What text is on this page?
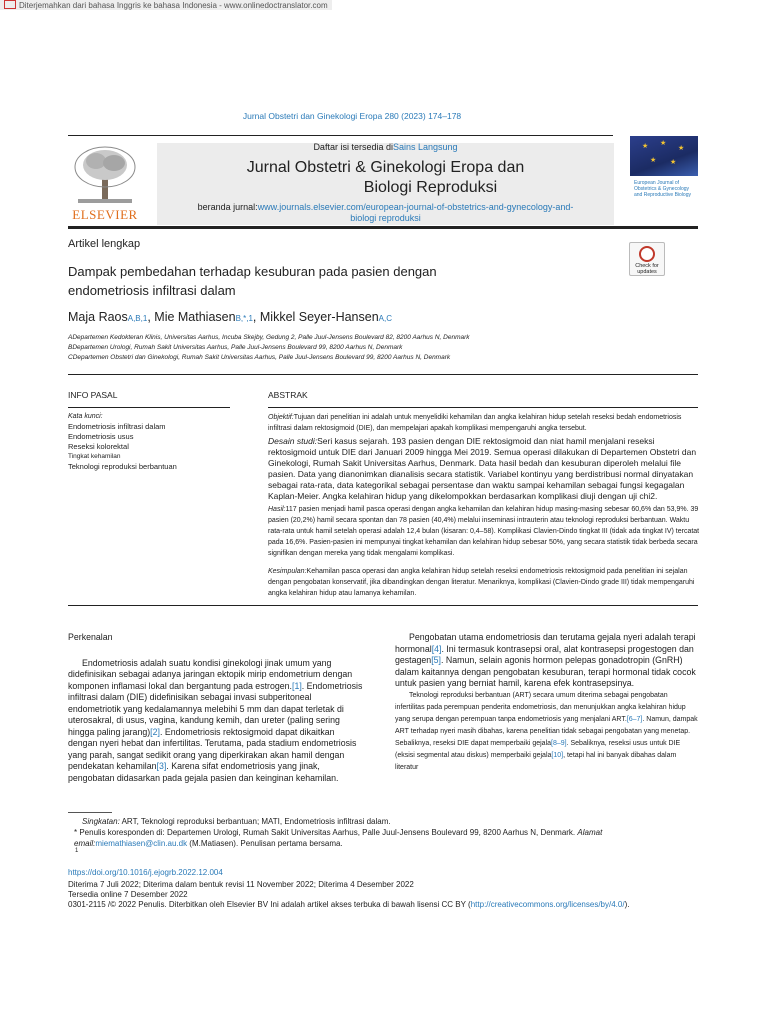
Diterjemahkan dari bahasa Inggris ke bahasa Indonesia - www.onlinedoctranslator.com
Jurnal Obstetri dan Ginekologi Eropa 280 (2023) 174–178
ELSEVIER
Daftar isi tersedia diSains Langsung
Jurnal Obstetri & Ginekologi Eropa dan
Biologi Reproduksi
beranda jurnal:www.journals.elsevier.com/european-journal-of-obstetrics-and-gynecology-and-
biologi reproduksi
★ ★
★
★ ★
European Journal of
Obstetrics & Gynecology
and Reproductive Biology
Artikel lengkap
Check for updates
Dampak pembedahan terhadap kesuburan pada pasien dengan
endometriosis infiltrasi dalam
Maja RaosA,B,1, Mie MathiasenB,*,1, Mikkel Seyer-HansenA,C
ADepartemen Kedokteran Klinis, Universitas Aarhus, Incuba Skejby, Gedung 2, Palle Juul-Jensens Boulevard 82, 8200 Aarhus N, Denmark
BDepartemen Urologi, Rumah Sakit Universitas Aarhus, Palle Juul-Jensens Boulevard 99, 8200 Aarhus N, Denmark
CDepartemen Obstetri dan Ginekologi, Rumah Sakit Universitas Aarhus, Palle Juul-Jensens Boulevard 99, 8200 Aarhus N, Denmark
INFO PASAL	ABSTRAK
Kata kunci:
Endometriosis infiltrasi dalam
Endometriosis usus
Reseksi kolorektal
Tingkat kehamilan
Teknologi reproduksi berbantuan

Objektif:Tujuan dari penelitian ini adalah untuk menyelidiki kehamilan dan angka kelahiran hidup setelah reseksi bedah endometriosis infiltrasi dalam rektosigmoid (DIE), dan mempelajari apakah komplikasi mempengaruhi angka tersebut.

Desain studi:Seri kasus sejarah. 193 pasien dengan DIE rektosigmoid dan niat hamil menjalani reseksi rektosigmoid untuk DIE dari Januari 2009 hingga Mei 2019. Semua operasi dilakukan di Departemen Obstetri dan Ginekologi, Rumah Sakit Universitas Aarhus, Denmark. Data hasil bedah dan kesuburan diperoleh melalui file pasien. Data yang dianonimkan dianalisis secara statistik. Variabel kontinyu yang berdistribusi normal dinyatakan sebagai rata-rata, data kategorikal sebagai persentase dan waktu sampai kehamilan sebagai fungsi kegagalan Kaplan-Meier. Angka kelahiran hidup yang dikelompokkan berdasarkan komplikasi diuji dengan uji chi2.

Hasil:117 pasien menjadi hamil pasca operasi dengan angka kehamilan dan kelahiran hidup masing-masing sebesar 60,6% dan 53,9%. 39 pasien (20,2%) hamil secara spontan dan 78 pasien (40,4%) melalui inseminasi intrauterin atau teknologi reproduksi berbantuan. Waktu rata-rata untuk hamil setelah operasi adalah 12,4 bulan (kisaran: 0,4–58). Komplikasi Clavien-Dindo tingkat III (tidak ada tingkat IV) tercatat pada 16,6%. Pasien-pasien ini mempunyai tingkat kehamilan dan kelahiran hidup sebesar 50%, yang secara statistik tidak berbeda secara signifikan dengan mereka yang tidak mengalami komplikasi.

Kesimpulan:Kehamilan pasca operasi dan angka kelahiran hidup setelah reseksi endometriosis rektosigmoid pada penelitian ini sejalan dengan pengobatan konservatif, jika dibandingkan dengan literatur. Menariknya, komplikasi (Clavien-Dindo grade III) tidak mempengaruhi angka kelahiran hidup atau lamanya kehamilan.

Perkenalan

Endometriosis adalah suatu kondisi ginekologi jinak umum yang didefinisikan sebagai adanya jaringan ektopik mirip endometrium dengan komponen inflamasi lokal dan bergantung pada estrogen.[1]. Endometriosis infiltrasi dalam (DIE) didefinisikan sebagai invasi subperitoneal endometriotik yang kedalamannya melebihi 5 mm dan dapat terletak di uterosakral, di usus, vagina, kandung kemih, dan ureter (paling sering hingga paling jarang)[2]. Endometriosis rektosigmoid dapat dikaitkan dengan nyeri hebat dan infertilitas. Terutama, pada stadium endometriosis yang parah, sangat sedikit orang yang diperkirakan akan hamil dengan pendekatan kehamilan[3]. Karena sifat endometriosis yang jinak, pengobatan didasarkan pada gejala pasien dan keinginan kehamilan.

Pengobatan utama endometriosis dan terutama gejala nyeri adalah terapi hormonal[4]. Ini termasuk kontrasepsi oral, alat kontrasepsi progestogen dan gestagen[5]. Namun, selain agonis hormon pelepas gonadotropin (GnRH) dalam kaitannya dengan pengobatan kesuburan, terapi hormonal tidak cocok untuk pasien yang berniat hamil, karena efek kontrasepsinya.

Teknologi reproduksi berbantuan (ART) secara umum diterima sebagai pengobatan infertilitas pada perempuan penderita endometriosis, dan menunjukkan angka kelahiran hidup yang serupa dengan perempuan tanpa endometriosis yang menjalani ART.[6–7]. Namun, dampak ART terhadap nyeri masih dibahas, karena penelitian tidak sebagai pengobatan yang menetap. Sebaliknya, reseksi DIE dapat memperbaiki gejala[8–9]. Sebaliknya, reseksi usus untuk DIE (eksisi segmental atau diskus) memperbaiki gejala[10], tetapi hal ini banyak dibahas dalam literatur

Singkatan: ART, Teknologi reproduksi berbantuan; MATI, Endometriosis infiltrasi dalam.
* Penulis koresponden di: Departemen Urologi, Rumah Sakit Universitas Aarhus, Palle Juul-Jensens Boulevard 99, 8200 Aarhus N, Denmark. Alamat email:miemathiasen@clin.au.dk (M.Matiasen). Penulisan pertama bersama.
1
https://doi.org/10.1016/j.ejogrb.2022.12.004
Diterima 7 Juli 2022; Diterima dalam bentuk revisi 11 November 2022; Diterima 4 Desember 2022
Tersedia online 7 Desember 2022
0301-2115 /© 2022 Penulis. Diterbitkan oleh Elsevier BV Ini adalah artikel akses terbuka di bawah lisensi CC BY (http://creativecommons.org/licenses/by/4.0/).
